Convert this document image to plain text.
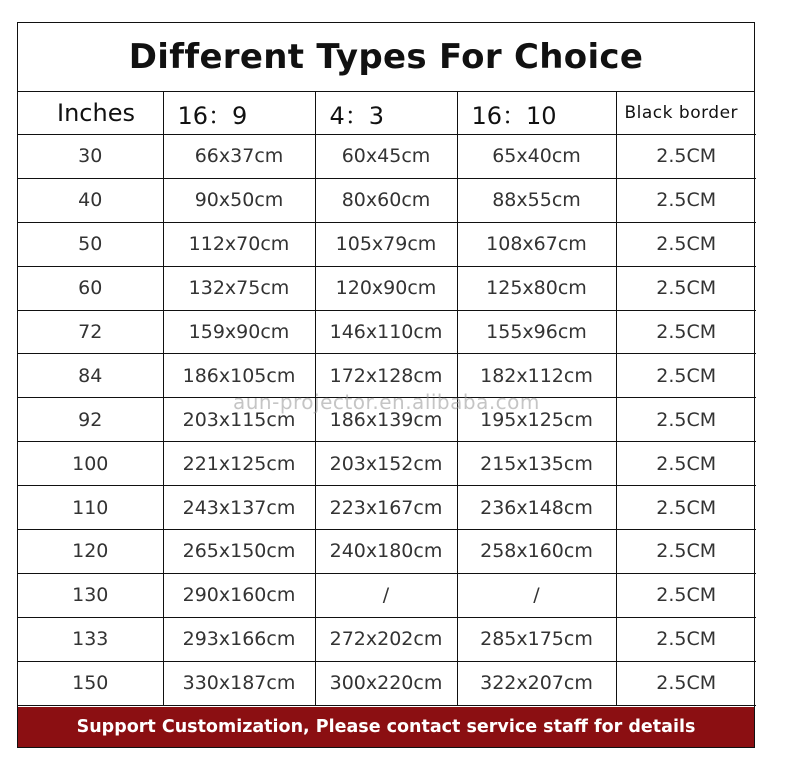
Different Types For Choice
Inches	16：9	4：3	16：10	Black border
30	66x37cm	60x45cm	65x40cm	2.5CM
40	90x50cm	80x60cm	88x55cm	2.5CM
50	112x70cm	105x79cm	108x67cm	2.5CM
60	132x75cm	120x90cm	125x80cm	2.5CM
72	159x90cm	146x110cm	155x96cm	2.5CM
84	186x105cm	172x128cm	182x112cm	2.5CM
92	203x115cm	186x139cm	195x125cm	2.5CM
100	221x125cm	203x152cm	215x135cm	2.5CM
110	243x137cm	223x167cm	236x148cm	2.5CM
120	265x150cm	240x180cm	258x160cm	2.5CM
130	290x160cm	/	/	2.5CM
133	293x166cm	272x202cm	285x175cm	2.5CM
150	330x187cm	300x220cm	322x207cm	2.5CM
aun-projector.en.alibaba.com
Support Customization, Please contact service staff for details
